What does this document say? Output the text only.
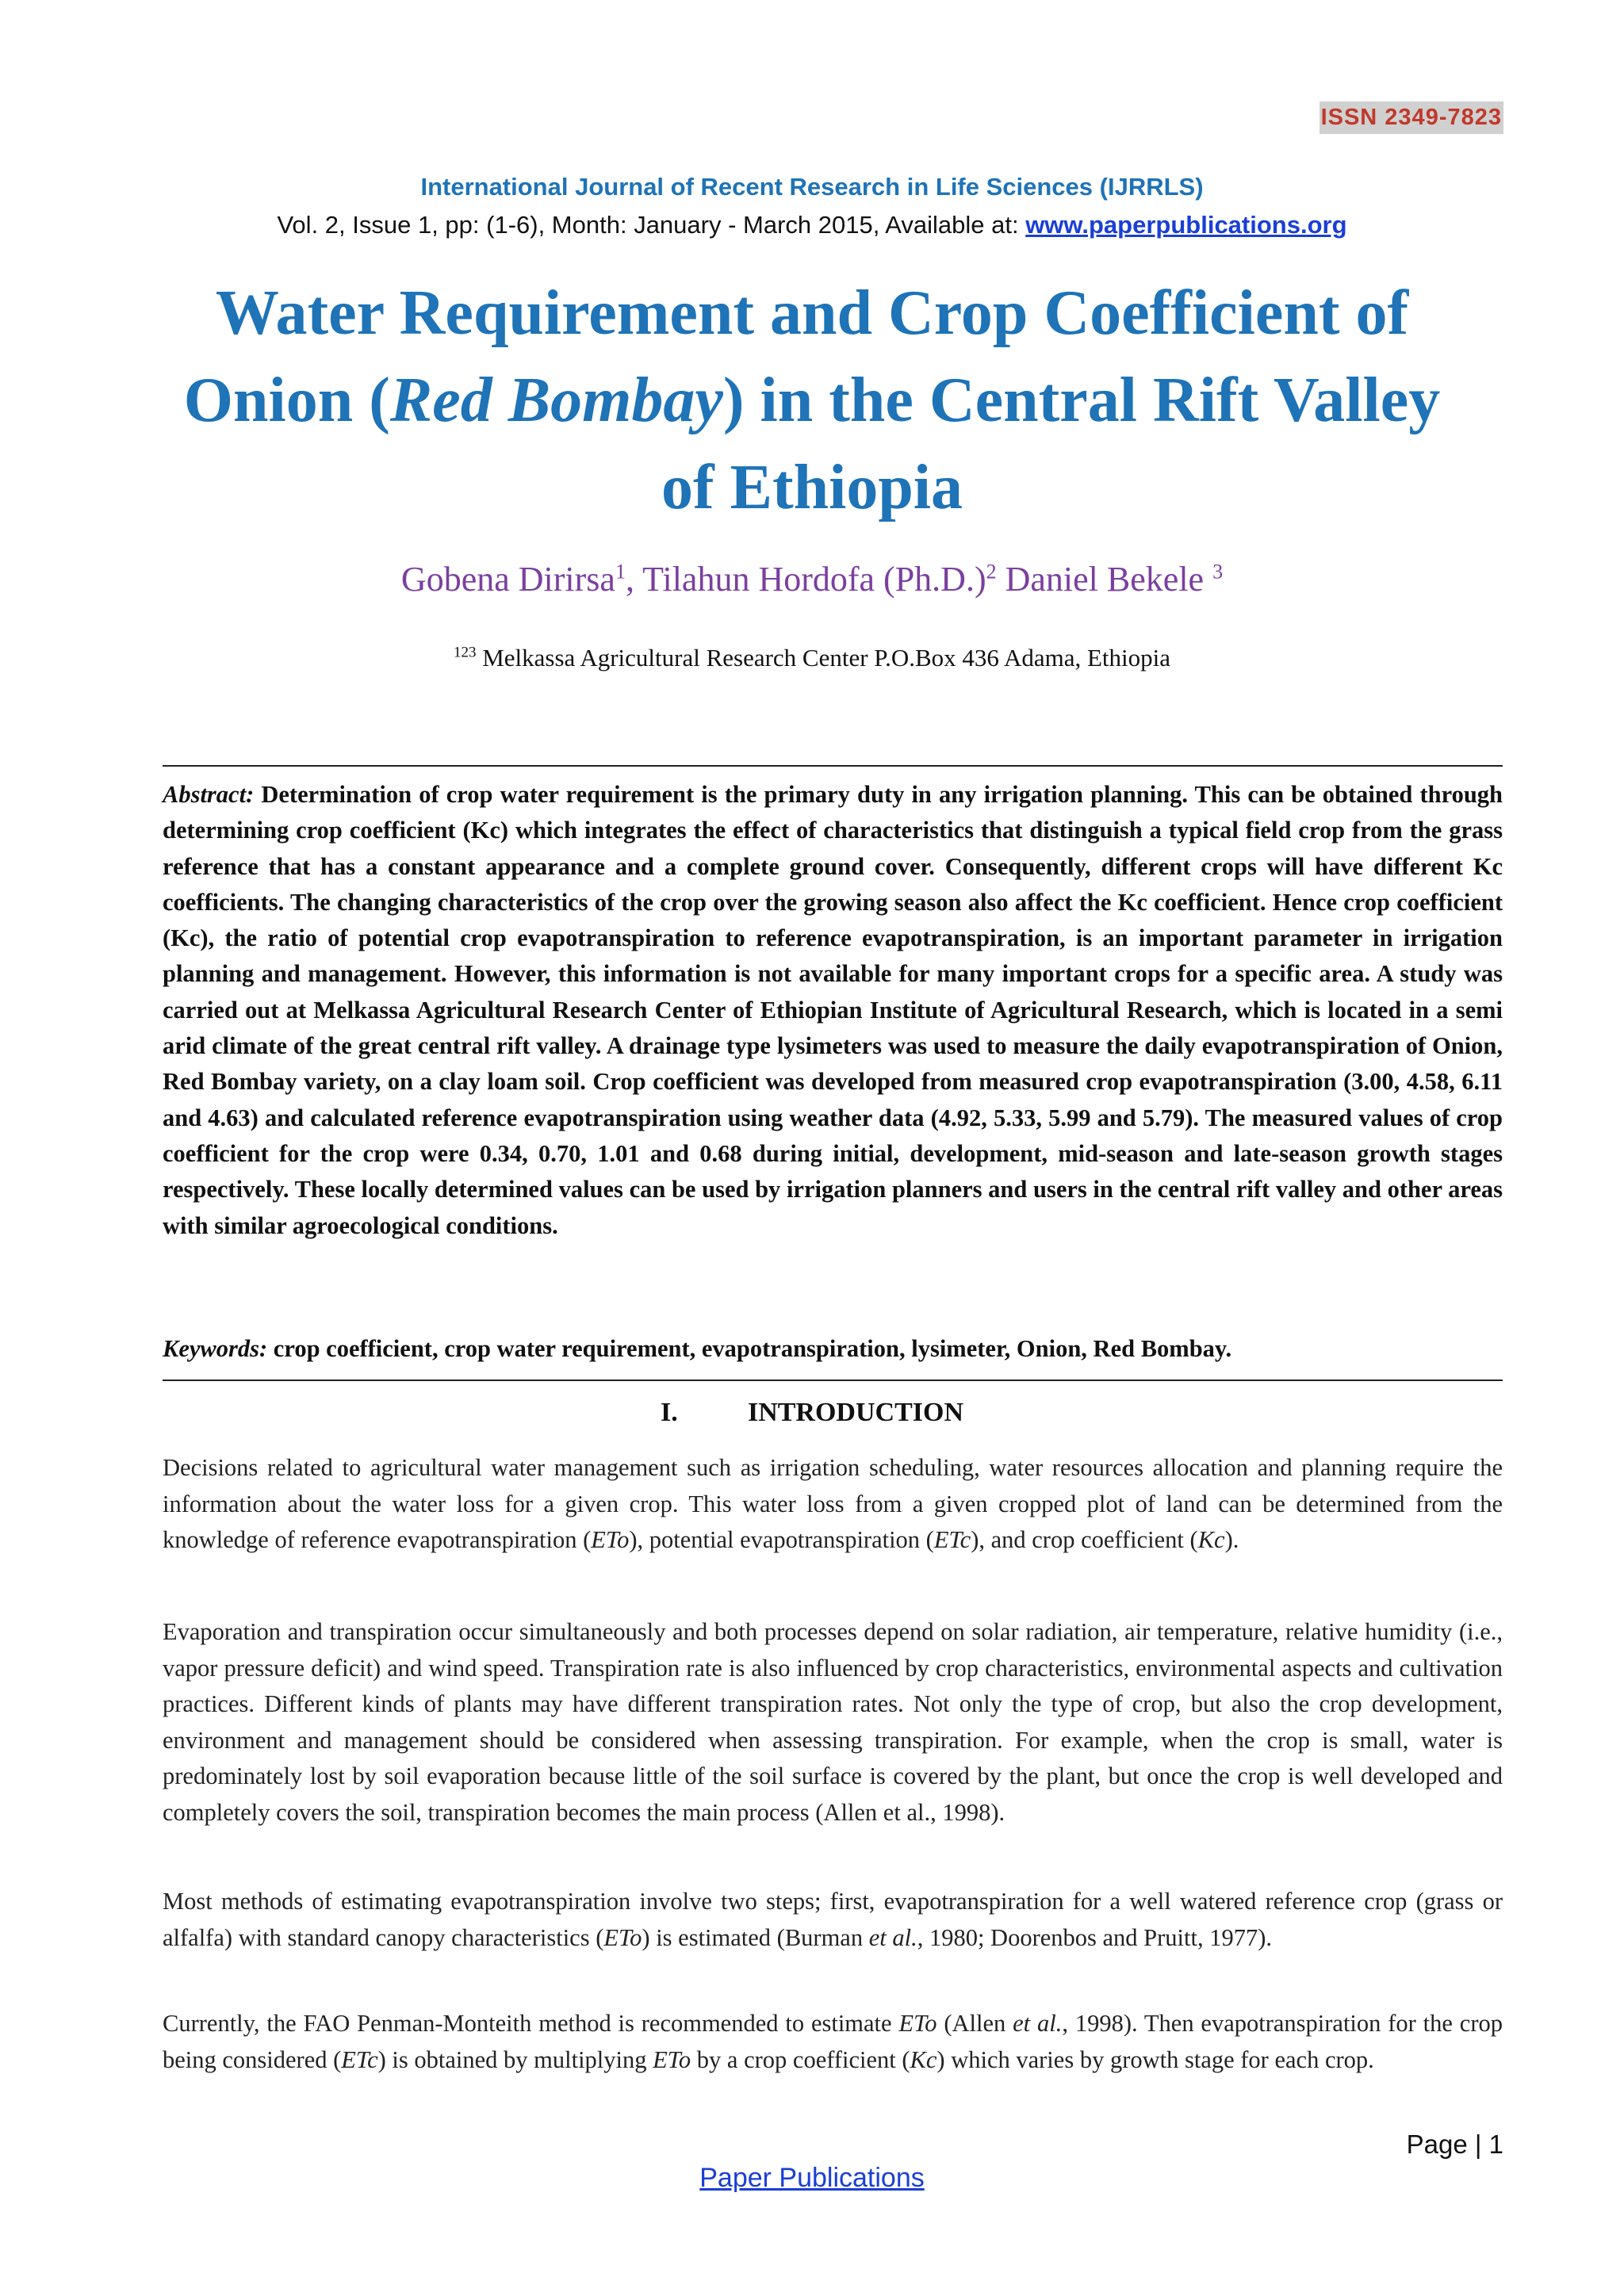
ISSN 2349-7823
International Journal of Recent Research in Life Sciences (IJRRLS)
Vol. 2, Issue 1, pp: (1-6), Month: January - March 2015, Available at: www.paperpublications.org
Water Requirement and Crop Coefficient of
Onion (Red Bombay) in the Central Rift Valley
of Ethiopia
Gobena Dirirsa$^1$, Tilahun Hordofa $(Ph.D.)^2$ Daniel Bekele $^3$
$^{123}$ Melkassa Agricultural Research Center P.O.Box 436 Adama, Ethiopia
Abstract: Determination of crop water requirement is the primary duty in any irrigation planning. This can be obtained through determining crop coefficient (Kc) which integrates the effect of characteristics that distinguish a typical field crop from the grass reference that has a constant appearance and a complete ground cover. Consequently, different crops will have different Kc coefficients. The changing characteristics of the crop over the growing season also affect the Kc coefficient. Hence crop coefficient (Kc), the ratio of potential crop evapotranspiration to reference evapotranspiration, is an important parameter in irrigation planning and management. However, this information is not available for many important crops for a specific area. A study was carried out at Melkassa Agricultural Research Center of Ethiopian Institute of Agricultural Research, which is located in a semi arid climate of the great central rift valley. A drainage type lysimeters was used to measure the daily evapotranspiration of Onion, Red Bombay variety, on a clay loam soil. Crop coefficient was developed from measured crop evapotranspiration (3.00, 4.58, 6.11 and 4.63) and calculated reference evapotranspiration using weather data (4.92, 5.33, 5.99 and 5.79). The measured values of crop coefficient for the crop were 0.34, 0.70, 1.01 and 0.68 during initial, development, mid-season and late-season growth stages respectively. These locally determined values can be used by irrigation planners and users in the central rift valley and other areas with similar agroecological conditions.
Keywords: crop coefficient, crop water requirement, evapotranspiration, lysimeter, Onion, Red Bombay.
I.	INTRODUCTION
Decisions related to agricultural water management such as irrigation scheduling, water resources allocation and planning require the information about the water loss for a given crop. This water loss from a given cropped plot of land can be determined from the knowledge of reference evapotranspiration (ETo), potential evapotranspiration (ETc), and crop coefficient (Kc).
Evaporation and transpiration occur simultaneously and both processes depend on solar radiation, air temperature, relative humidity (i.e., vapor pressure deficit) and wind speed. Transpiration rate is also influenced by crop characteristics, environmental aspects and cultivation practices. Different kinds of plants may have different transpiration rates. Not only the type of crop, but also the crop development, environment and management should be considered when assessing transpiration. For example, when the crop is small, water is predominately lost by soil evaporation because little of the soil surface is covered by the plant, but once the crop is well developed and completely covers the soil, transpiration becomes the main process (Allen et al., 1998).
Most methods of estimating evapotranspiration involve two steps; first, evapotranspiration for a well watered reference crop (grass or alfalfa) with standard canopy characteristics (ETo) is estimated (Burman et al., 1980; Doorenbos and Pruitt, 1977).
Currently, the FAO Penman-Monteith method is recommended to estimate ETo (Allen et al., 1998). Then evapotranspiration for the crop being considered (ETc) is obtained by multiplying ETo by a crop coefficient (Kc) which varies by growth stage for each crop.
Page | 1
Paper Publications
